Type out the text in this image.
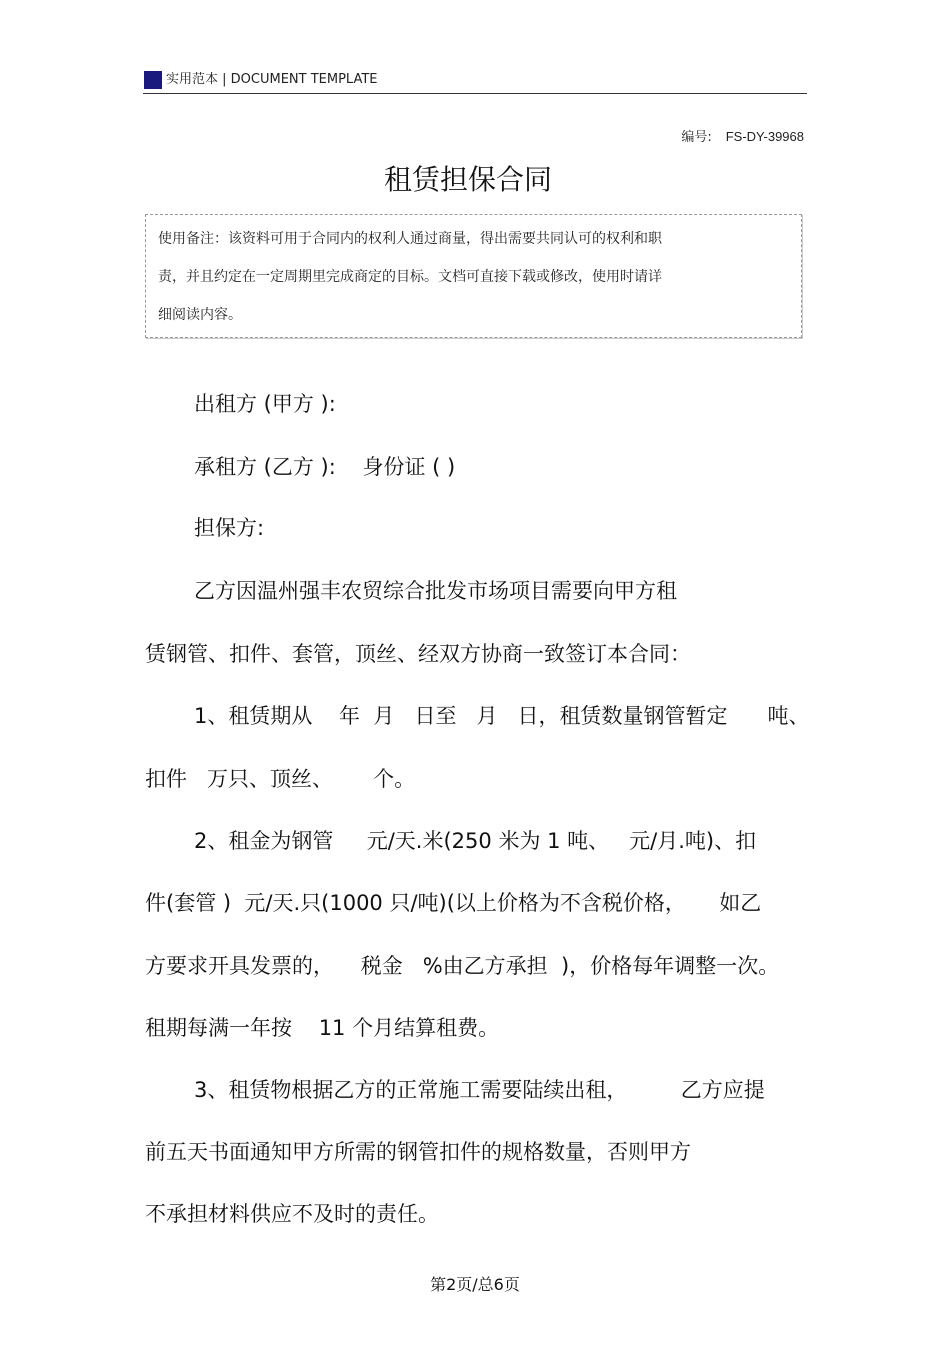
实用范本 | DOCUMENT TEMPLATE
编号: FS-DY-39968
租赁担保合同
使用备注：该资料可用于合同内的权利人通过商量，得出需要共同认可的权利和职
责，并且约定在一定周期里完成商定的目标。文档可直接下载或修改，使用时请详
细阅读内容。
出租方 (甲方 ):
承租方 (乙方 ):    身份证 ( )
担保方:
乙方因温州强丰农贸综合批发市场项目需要向甲方租
赁钢管、扣件、套管，顶丝、经双方协商一致签订本合同：
1、租赁期从    年  月   日至   月   日，租赁数量钢管暂定      吨、
扣件   万只、顶丝、      个。
2、租金为钢管     元/天.米(250 米为 1 吨、   元/月.吨)、扣
件(套管 )  元/天.只(1000 只/吨)(以上价格为不含税价格，     如乙
方要求开具发票的，    税金   %由乙方承担  )，价格每年调整一次。
租期每满一年按    11 个月结算租费。
3、租赁物根据乙方的正常施工需要陆续出租，        乙方应提
前五天书面通知甲方所需的钢管扣件的规格数量，否则甲方
不承担材料供应不及时的责任。
第2页/总6页
